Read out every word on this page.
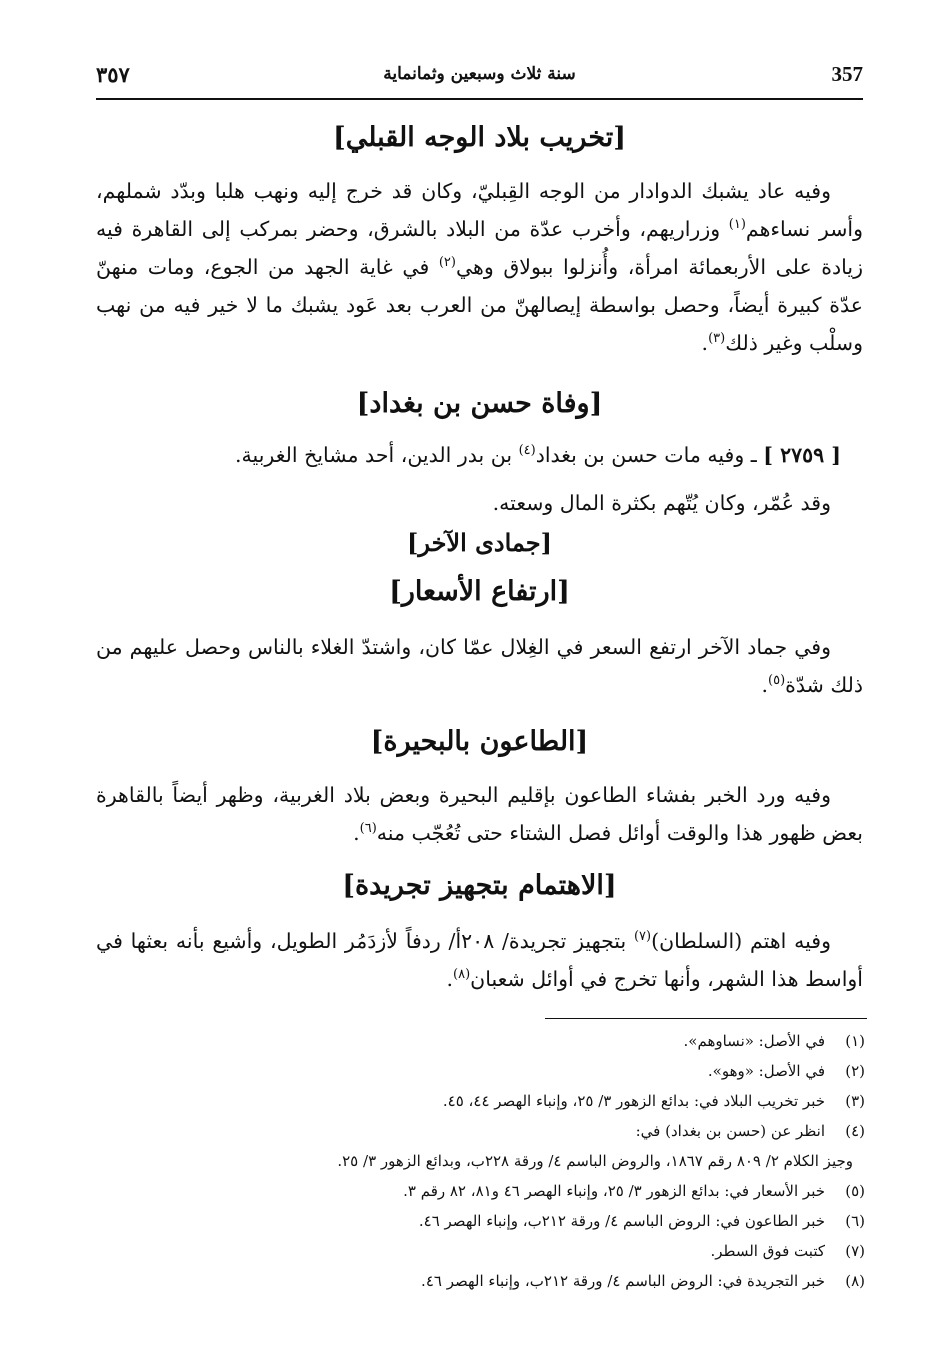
٣٥٧	سنة ثلاث وسبعين وثمانماية	357
[تخريب بلاد الوجه القبلي]
وفيه عاد يشبك الدوادار من الوجه القِبليّ، وكان قد خرج إليه ونهب هلبا وبدّد شملهم، وأسر نساءهم$^{(١)}$ وزراريهم، وأخرب عدّة من البلاد بالشرق، وحضر بمركب إلى القاهرة فيه زيادة على الأربعمائة امرأة، وأُنزلوا ببولاق وهي$^{(٢)}$ في غاية الجهد من الجوع، ومات منهنّ عدّة كبيرة أيضاً، وحصل بواسطة إيصالهنّ من العرب بعد عَود يشبك ما لا خير فيه من نهب وسلْب وغير ذلك$^{(٣)}$.
[وفاة حسن بن بغداد]
[ ٢٧٥٩ ] ـ وفيه مات حسن بن بغداد$^{(٤)}$ بن بدر الدين، أحد مشايخ الغربية.
وقد عُمّر، وكان يُتّهم بكثرة المال وسعته.
[جمادى الآخر]
[ارتفاع الأسعار]
وفي جماد الآخر ارتفع السعر في الغِلال عمّا كان، واشتدّ الغلاء بالناس وحصل عليهم من ذلك شدّة$^{(٥)}$.
[الطاعون بالبحيرة]
وفيه ورد الخبر بفشاء الطاعون بإقليم البحيرة وبعض بلاد الغربية، وظهر أيضاً بالقاهرة بعض ظهور هذا والوقت أوائل فصل الشتاء حتى تُعُجّب منه$^{(٦)}$.
[الاهتمام بتجهيز تجريدة]
وفيه اهتم (السلطان)$^{(٧)}$ بتجهيز تجريدة/ ٢٠٨أ/ ردفاً لأزدَمُر الطويل، وأشيع بأنه بعثها في أواسط هذا الشهر، وأنها تخرج في أوائل شعبان$^{(٨)}$.
(١)
في الأصل: «نساوهم».
(٢)
في الأصل: «وهو».
(٣)
خبر تخريب البلاد في: بدائع الزهور ٣/ ٢٥، وإنباء الهصر ٤٤، ٤٥.
(٤)
انظر عن (حسن بن بغداد) في:
وجيز الكلام ٢/ ٨٠٩ رقم ١٨٦٧، والروض الباسم ٤/ ورقة ٢٢٨ب، وبدائع الزهور ٣/ ٢٥.
(٥)
خبر الأسعار في: بدائع الزهور ٣/ ٢٥، وإنباء الهصر ٤٦ و٨١، ٨٢ رقم ٣.
(٦)
خبر الطاعون في: الروض الباسم ٤/ ورقة ٢١٢ب، وإنباء الهصر ٤٦.
(٧)
كتبت فوق السطر.
(٨)
خبر التجريدة في: الروض الباسم ٤/ ورقة ٢١٢ب، وإنباء الهصر ٤٦.
